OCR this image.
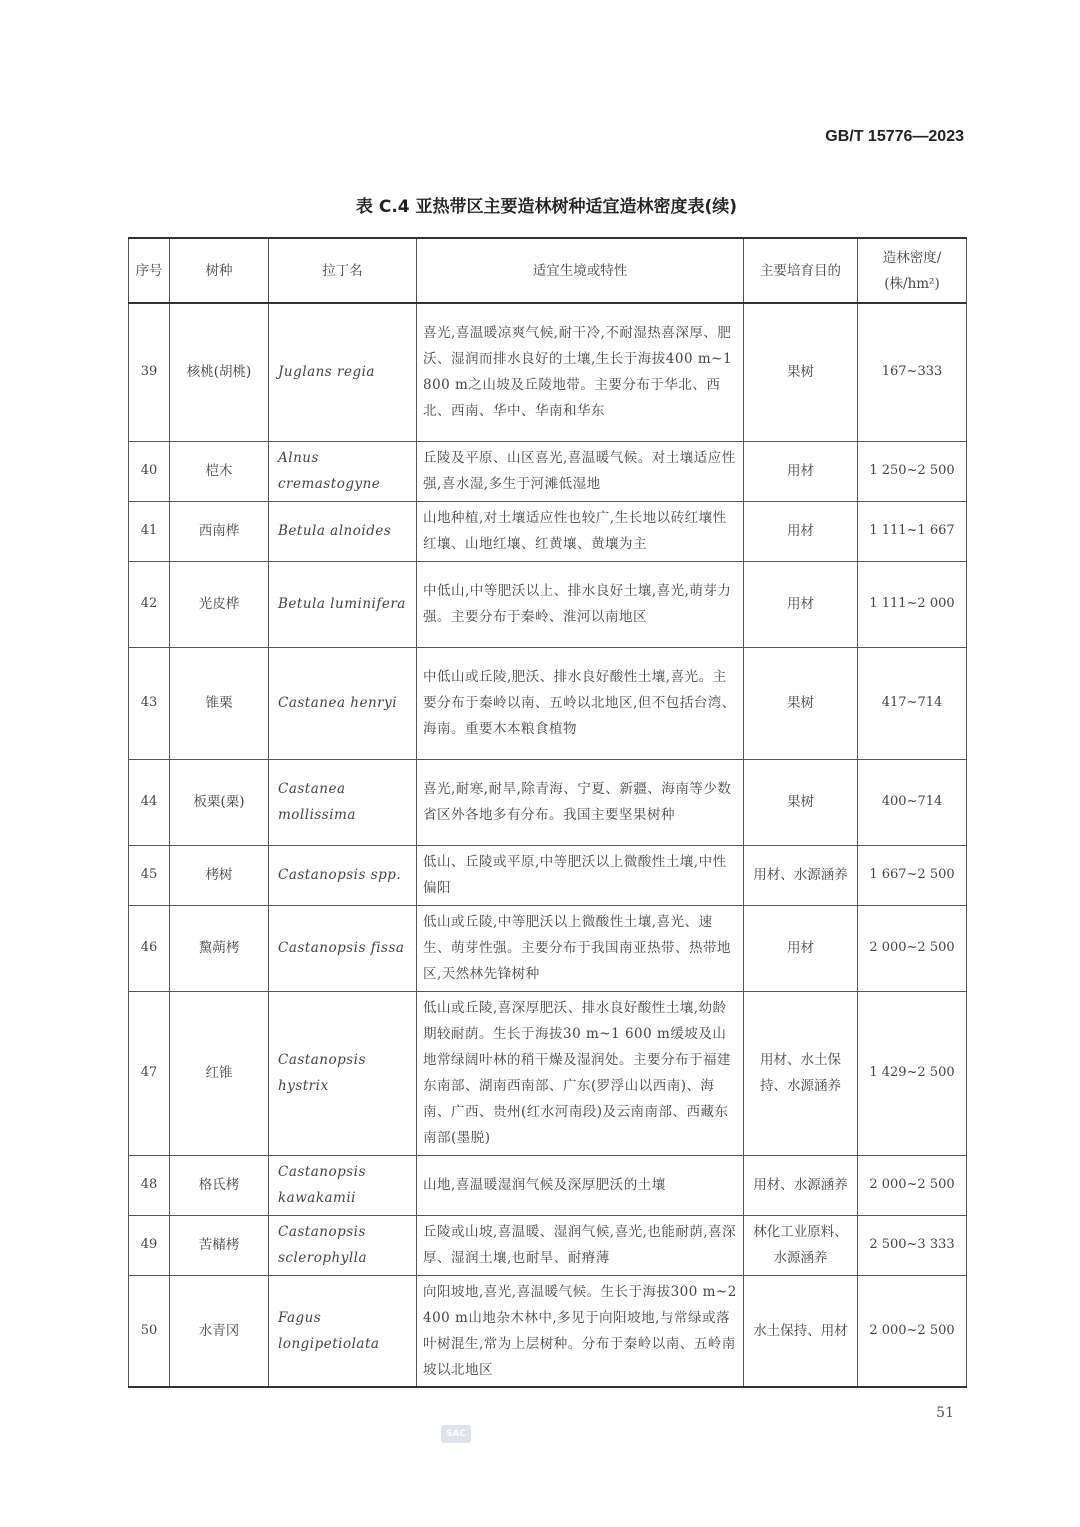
GB/T 15776—2023
表 C.4 亚热带区主要造林树种适宜造林密度表(续)
序号	树种	拉丁名	适宜生境或特性	主要培育目的	造林密度/
(株/hm²)

39	核桃(胡桃)	Juglans regia	喜光,喜温暖凉爽气候,耐干冷,不耐湿热喜深厚、肥沃、湿润而排水良好的土壤,生长于海拔400 m~1 800 m之山坡及丘陵地带。主要分布于华北、西北、西南、华中、华南和华东	果树	167~333
40	桤木	Alnus cremastogyne	丘陵及平原、山区喜光,喜温暖气候。对土壤适应性强,喜水湿,多生于河滩低湿地	用材	1 250~2 500
41	西南桦	Betula alnoides	山地种植,对土壤适应性也较广,生长地以砖红壤性红壤、山地红壤、红黄壤、黄壤为主	用材	1 111~1 667
42	光皮桦	Betula luminifera	中低山,中等肥沃以上、排水良好土壤,喜光,萌芽力强。主要分布于秦岭、淮河以南地区	用材	1 111~2 000
43	锥栗	Castanea henryi	中低山或丘陵,肥沃、排水良好酸性土壤,喜光。主要分布于秦岭以南、五岭以北地区,但不包括台湾、海南。重要木本粮食植物	果树	417~714
44	板栗(栗)	Castanea mollissima	喜光,耐寒,耐旱,除青海、宁夏、新疆、海南等少数省区外各地多有分布。我国主要坚果树种	果树	400~714
45	栲树	Castanopsis spp.	低山、丘陵或平原,中等肥沃以上微酸性土壤,中性偏阳	用材、水源涵养	1 667~2 500
46	黧蒴栲	Castanopsis fissa	低山或丘陵,中等肥沃以上微酸性土壤,喜光、速生、萌芽性强。主要分布于我国南亚热带、热带地区,天然林先锋树种	用材	2 000~2 500
47	红锥	Castanopsis hystrix	低山或丘陵,喜深厚肥沃、排水良好酸性土壤,幼龄期较耐荫。生长于海拔30 m~1 600 m缓坡及山地常绿阔叶林的稍干燥及湿润处。主要分布于福建东南部、湖南西南部、广东(罗浮山以西南)、海南、广西、贵州(红水河南段)及云南南部、西藏东南部(墨脱)	用材、水土保持、水源涵养	1 429~2 500
48	格氏栲	Castanopsis kawakamii	山地,喜温暖湿润气候及深厚肥沃的土壤	用材、水源涵养	2 000~2 500
49	苦槠栲	Castanopsis sclerophylla	丘陵或山坡,喜温暖、湿润气候,喜光,也能耐荫,喜深厚、湿润土壤,也耐旱、耐瘠薄	林化工业原料、水源涵养	2 500~3 333
50	水青冈	Fagus longipetiolata	向阳坡地,喜光,喜温暖气候。生长于海拔300 m~2 400 m山地杂木林中,多见于向阳坡地,与常绿或落叶树混生,常为上层树种。分布于秦岭以南、五岭南坡以北地区	水土保持、用材	2 000~2 500
51
SAC
